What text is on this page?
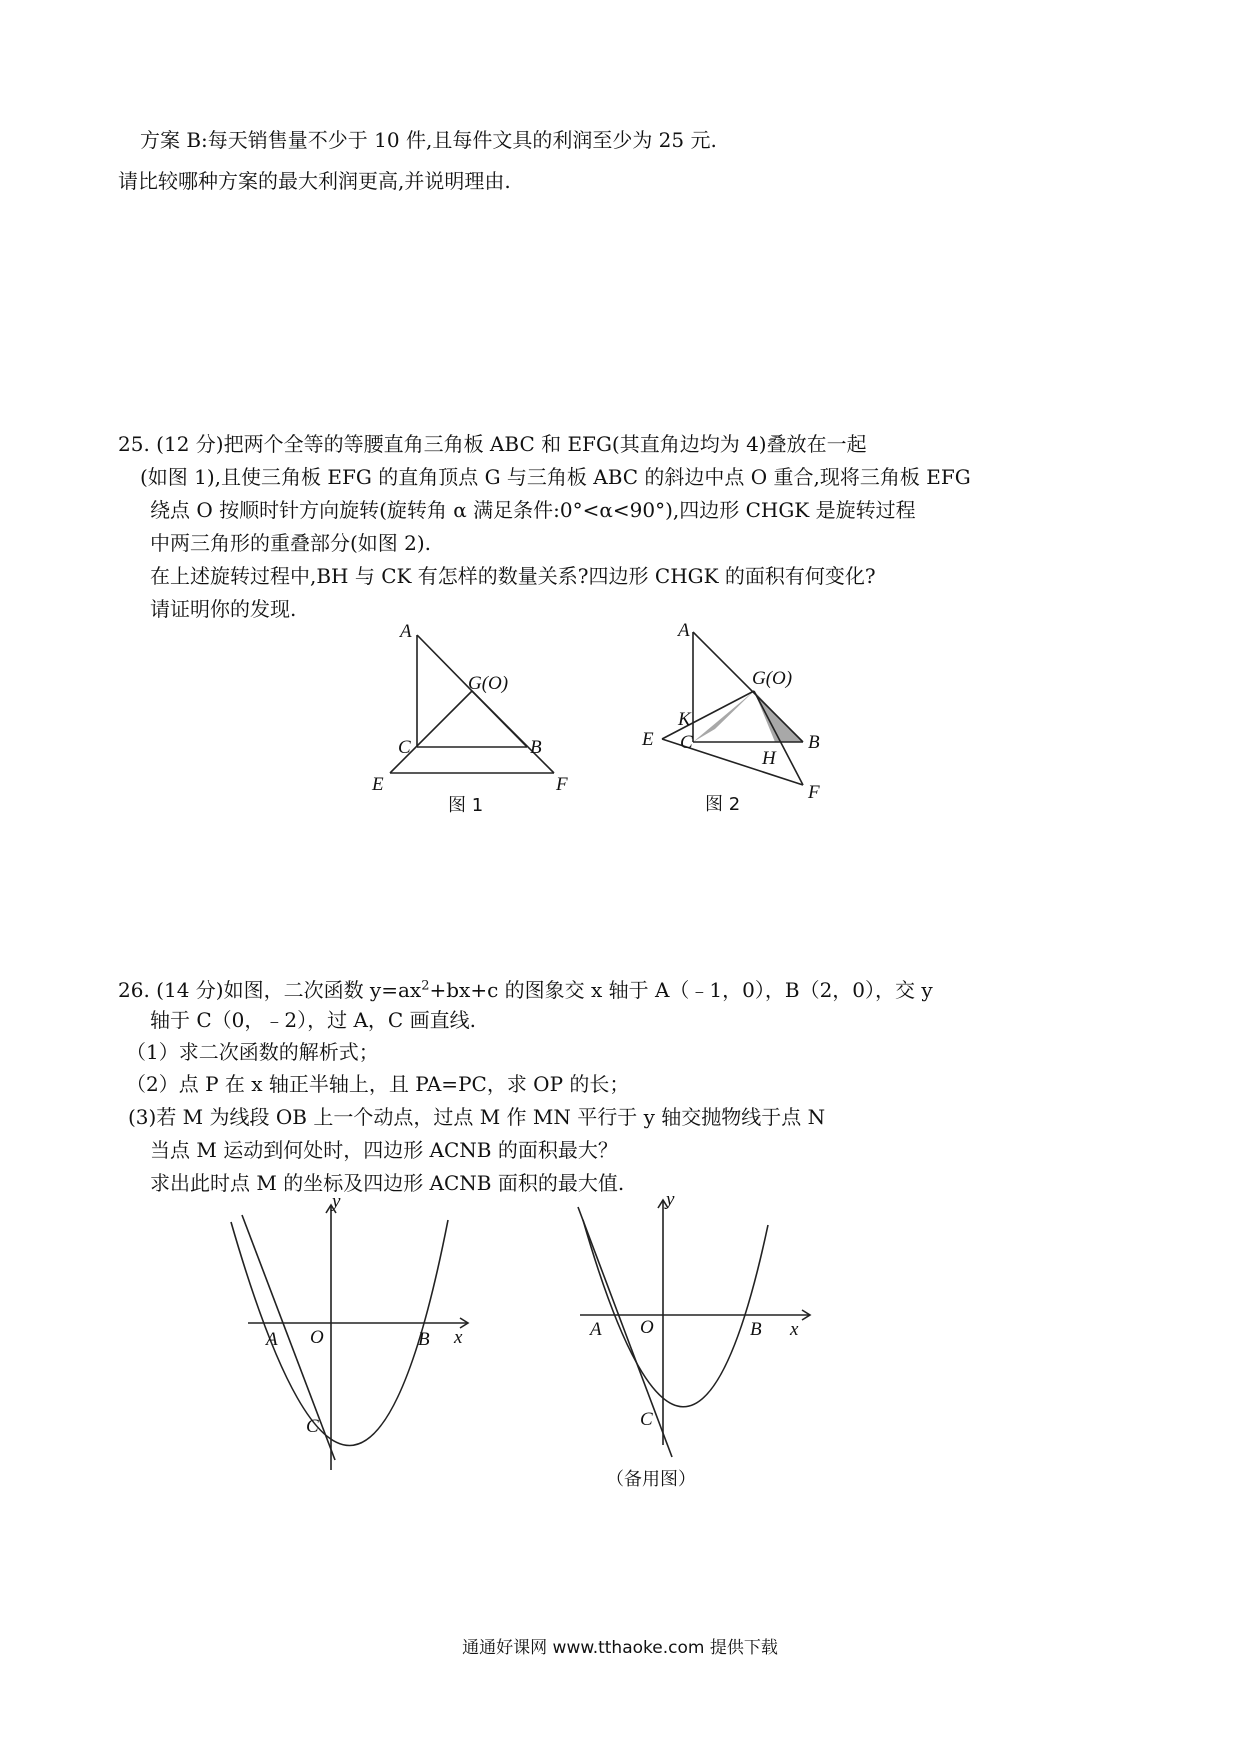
方案 B:每天销售量不少于 10 件,且每件文具的利润至少为 25 元.
请比较哪种方案的最大利润更高,并说明理由.
25. (12 分)把两个全等的等腰直角三角板 ABC 和 EFG(其直角边均为 4)叠放在一起
(如图 1),且使三角板 EFG 的直角顶点 G 与三角板 ABC 的斜边中点 O 重合,现将三角板 EFG
绕点 O 按顺时针方向旋转(旋转角 α 满足条件:0°<α<90°),四边形 CHGK 是旋转过程
中两三角形的重叠部分(如图 2).
在上述旋转过程中,BH 与 CK 有怎样的数量关系?四边形 CHGK 的面积有何变化?
请证明你的发现.
A
G(O)
C	B
E	F
图 1
A
G(O)
K
C
E	B
H
F
图 2
26. (14 分)如图，二次函数 $y=ax^2+bx+c$ 的图象交 x 轴于 A（﹣1，0），B（2，0），交 y
轴于 C（0，﹣2），过 A，C 画直线.
（1）求二次函数的解析式；
（2）点 P 在 x 轴正半轴上，且 PA=PC，求 OP 的长；
(3)若 M 为线段 OB 上一个动点，过点 M 作 MN 平行于 y 轴交抛物线于点 N
当点 M 运动到何处时，四边形 ACNB 的面积最大？
求出此时点 M 的坐标及四边形 ACNB 面积的最大值.
y
x
O
A	B
C
y
x
O
A	B
C
（备用图）
通通好课网 www.tthaoke.com 提供下载
